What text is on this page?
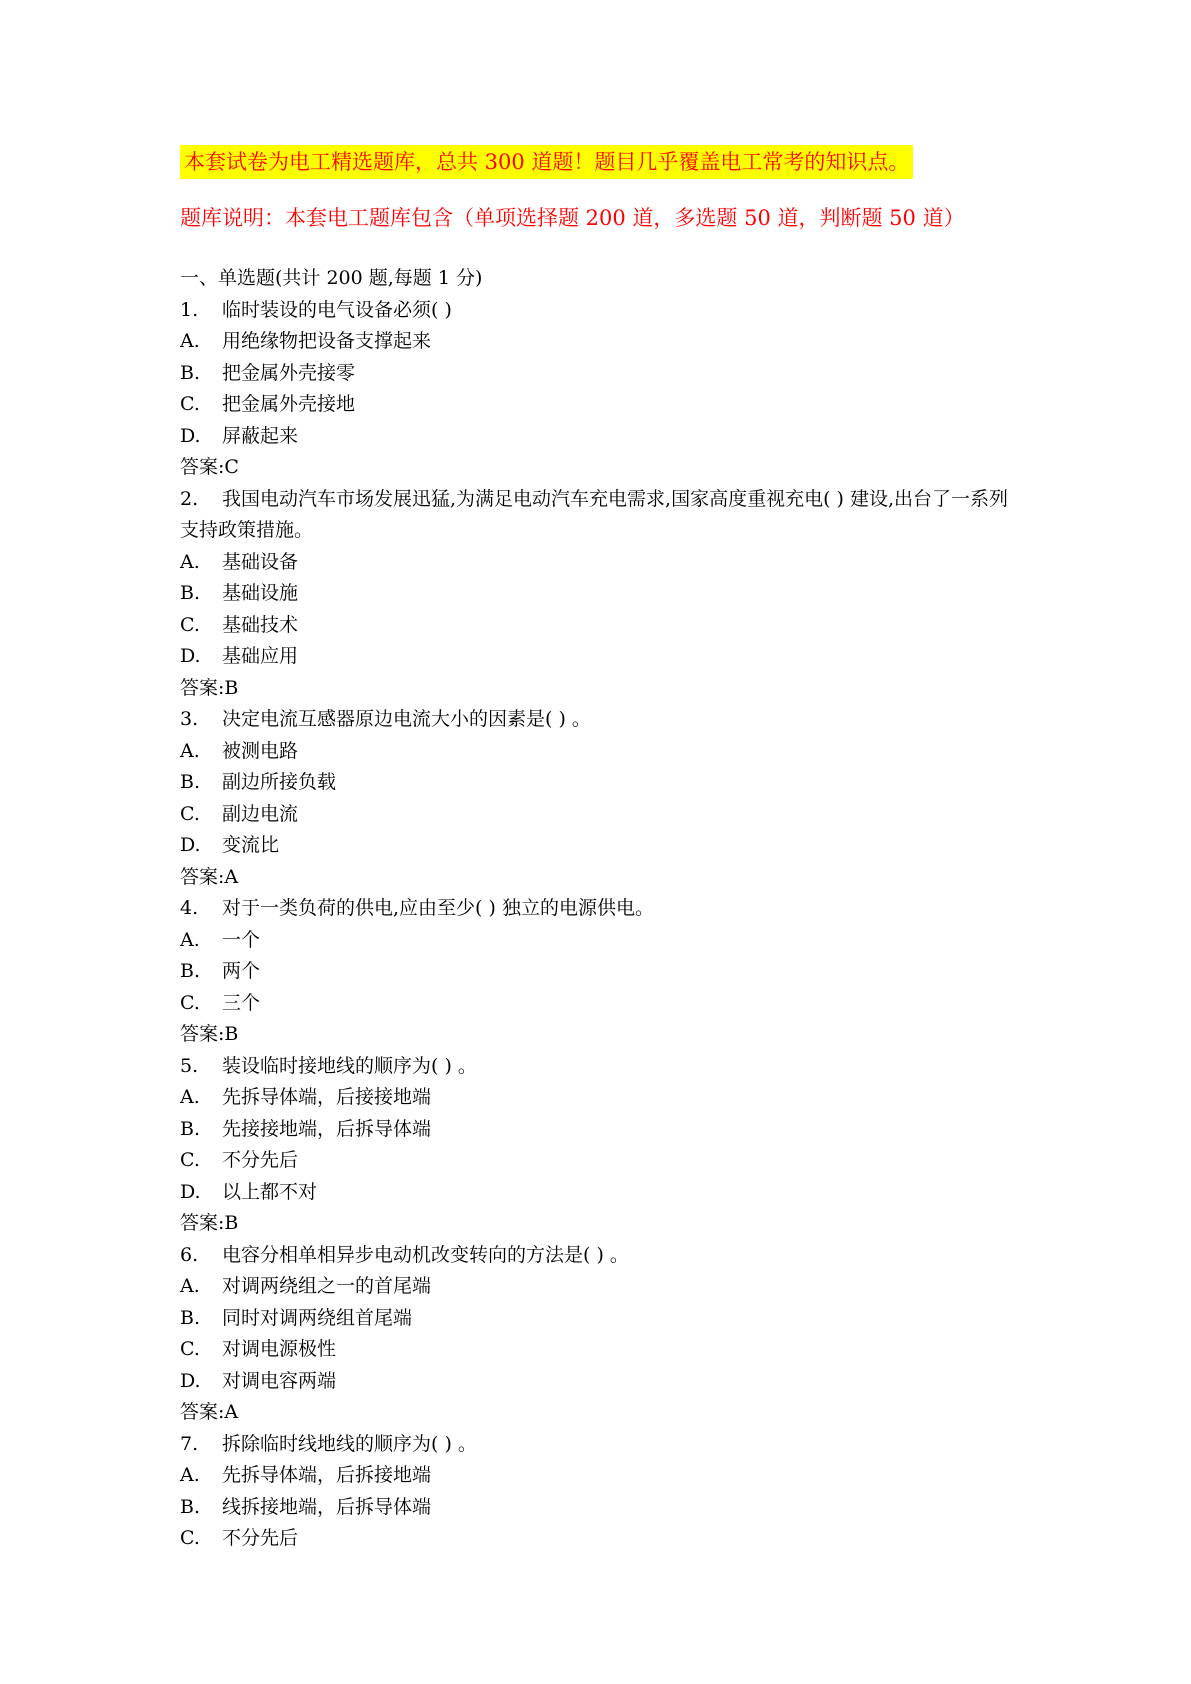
本套试卷为电工精选题库，总共 300 道题！题目几乎覆盖电工常考的知识点。
题库说明：本套电工题库包含（单项选择题 200 道，多选题 50 道，判断题 50 道）
一、单选题(共计 200 题,每题 1 分)
1. 临时装设的电气设备必须( )
A. 用绝缘物把设备支撑起来
B. 把金属外壳接零
C. 把金属外壳接地
D. 屏蔽起来
答案:C
2. 我国电动汽车市场发展迅猛,为满足电动汽车充电需求,国家高度重视充电( ) 建设,出台了一系列支持政策措施。
A. 基础设备
B. 基础设施
C. 基础技术
D. 基础应用
答案:B
3. 决定电流互感器原边电流大小的因素是( ) 。
A. 被测电路
B. 副边所接负载
C. 副边电流
D. 变流比
答案:A
4. 对于一类负荷的供电,应由至少( ) 独立的电源供电。
A. 一个
B. 两个
C. 三个
答案:B
5. 装设临时接地线的顺序为( ) 。
A. 先拆导体端，后接接地端
B. 先接接地端，后拆导体端
C. 不分先后
D. 以上都不对
答案:B
6. 电容分相单相异步电动机改变转向的方法是( ) 。
A. 对调两绕组之一的首尾端
B. 同时对调两绕组首尾端
C. 对调电源极性
D. 对调电容两端
答案:A
7. 拆除临时线地线的顺序为( ) 。
A. 先拆导体端，后拆接地端
B. 线拆接地端，后拆导体端
C. 不分先后
